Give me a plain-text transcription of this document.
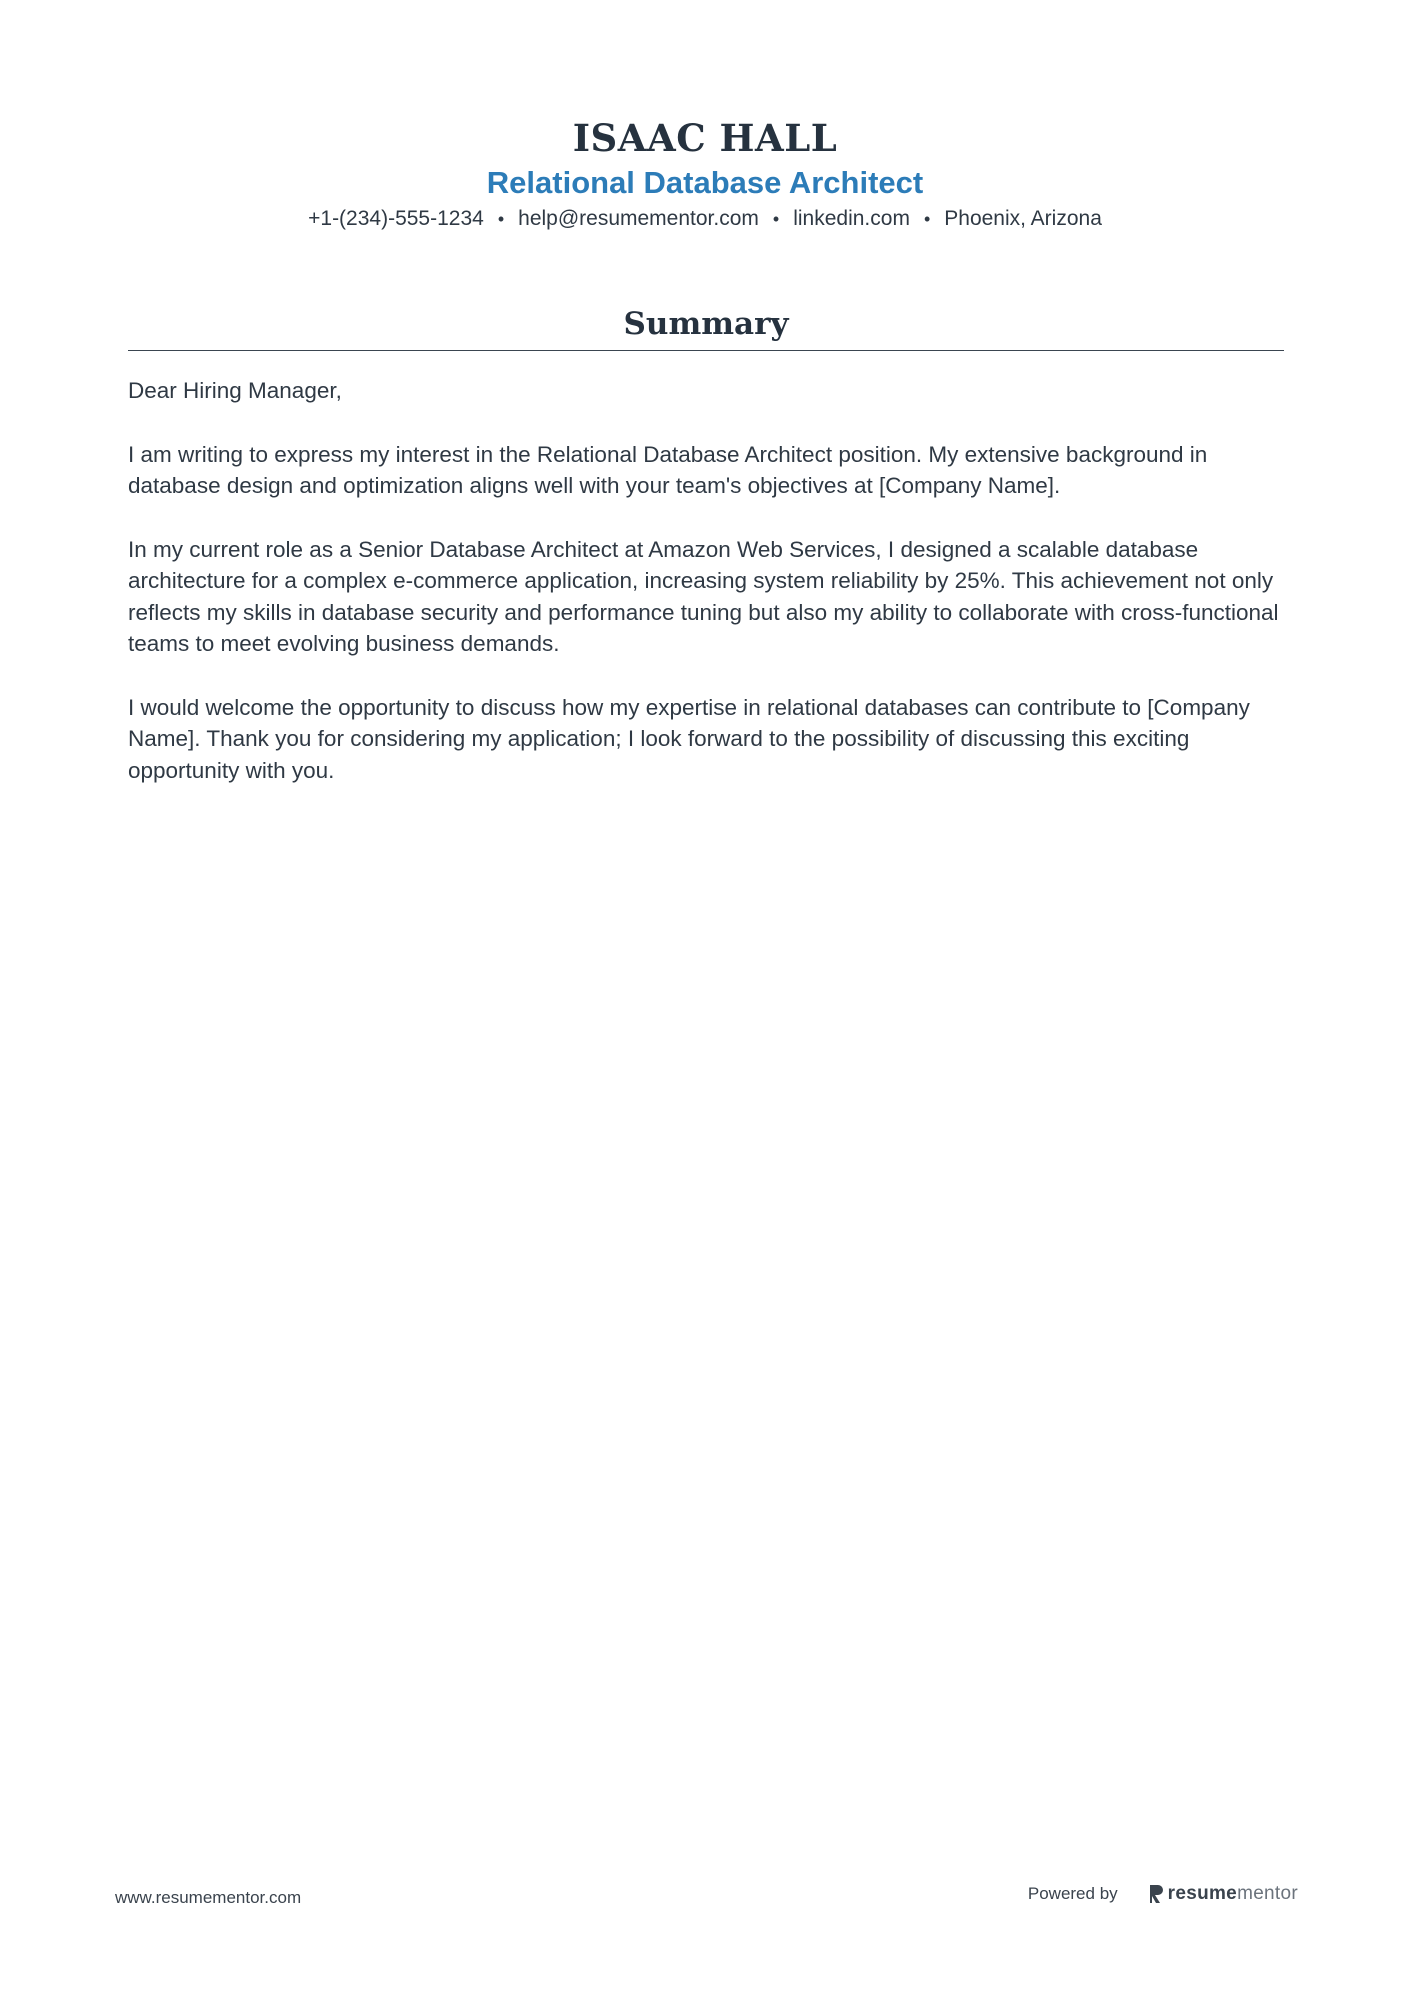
ISAAC HALL
Relational Database Architect
+1-(234)-555-1234 • help@resumementor.com • linkedin.com • Phoenix, Arizona
Summary

Dear Hiring Manager,

I am writing to express my interest in the Relational Database Architect position. My extensive background in database design and optimization aligns well with your team's objectives at [Company Name].

In my current role as a Senior Database Architect at Amazon Web Services, I designed a scalable database architecture for a complex e-commerce application, increasing system reliability by 25%. This achievement not only reflects my skills in database security and performance tuning but also my ability to collaborate with cross-functional teams to meet evolving business demands.

I would welcome the opportunity to discuss how my expertise in relational databases can contribute to [Company Name]. Thank you for considering my application; I look forward to the possibility of discussing this exciting opportunity with you.

www.resumementor.com	Powered by	resume mentor
